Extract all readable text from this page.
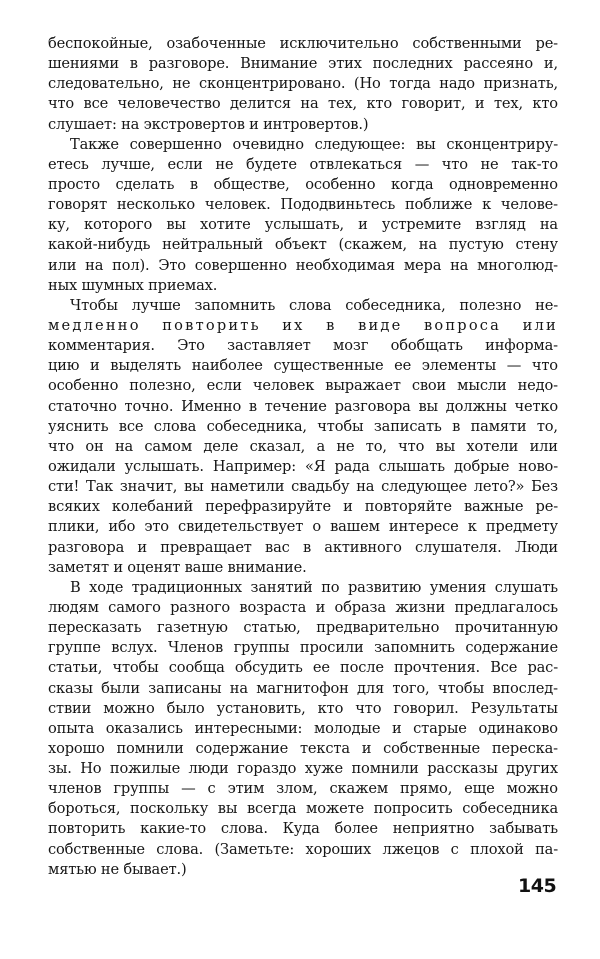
беспокойные, озабоченные исключительно собственными ре-
шениями в разговоре. Внимание этих последних рассеяно и,
следовательно, не сконцентрировано. (Но тогда надо признать,
что все человечество делится на тех, кто говорит, и тех, кто
слушает: на экстровертов и интровертов.)
Также совершенно очевидно следующее: вы сконцентриру-
етесь лучше, если не будете отвлекаться — что не так-то
просто сделать в обществе, особенно когда одновременно
говорят несколько человек. Пододвиньтесь поближе к челове-
ку, которого вы хотите услышать, и устремите взгляд на
какой-нибудь нейтральный объект (скажем, на пустую стену
или на пол). Это совершенно необходимая мера на многолюд-
ных шумных приемах.
Чтобы лучше запомнить слова собеседника, полезно не-
медленно повторить их в виде вопроса или
комментария. Это заставляет мозг обобщать информа-
цию и выделять наиболее существенные ее элементы — что
особенно полезно, если человек выражает свои мысли недо-
статочно точно. Именно в течение разговора вы должны четко
уяснить все слова собеседника, чтобы записать в памяти то,
что он на самом деле сказал, а не то, что вы хотели или
ожидали услышать. Например: «Я рада слышать добрые ново-
сти! Так значит, вы наметили свадьбу на следующее лето?» Без
всяких колебаний перефразируйте и повторяйте важные ре-
плики, ибо это свидетельствует о вашем интересе к предмету
разговора и превращает вас в активного слушателя. Люди
заметят и оценят ваше внимание.
В ходе традиционных занятий по развитию умения слушать
людям самого разного возраста и образа жизни предлагалось
пересказать газетную статью, предварительно прочитанную
группе вслух. Членов группы просили запомнить содержание
статьи, чтобы сообща обсудить ее после прочтения. Все рас-
сказы были записаны на магнитофон для того, чтобы впослед-
ствии можно было установить, кто что говорил. Результаты
опыта оказались интересными: молодые и старые одинаково
хорошо помнили содержание текста и собственные переска-
зы. Но пожилые люди гораздо хуже помнили рассказы других
членов группы — с этим злом, скажем прямо, еще можно
бороться, поскольку вы всегда можете попросить собеседника
повторить какие-то слова. Куда более неприятно забывать
собственные слова. (Заметьте: хороших лжецов с плохой па-
мятью не бывает.)
145
